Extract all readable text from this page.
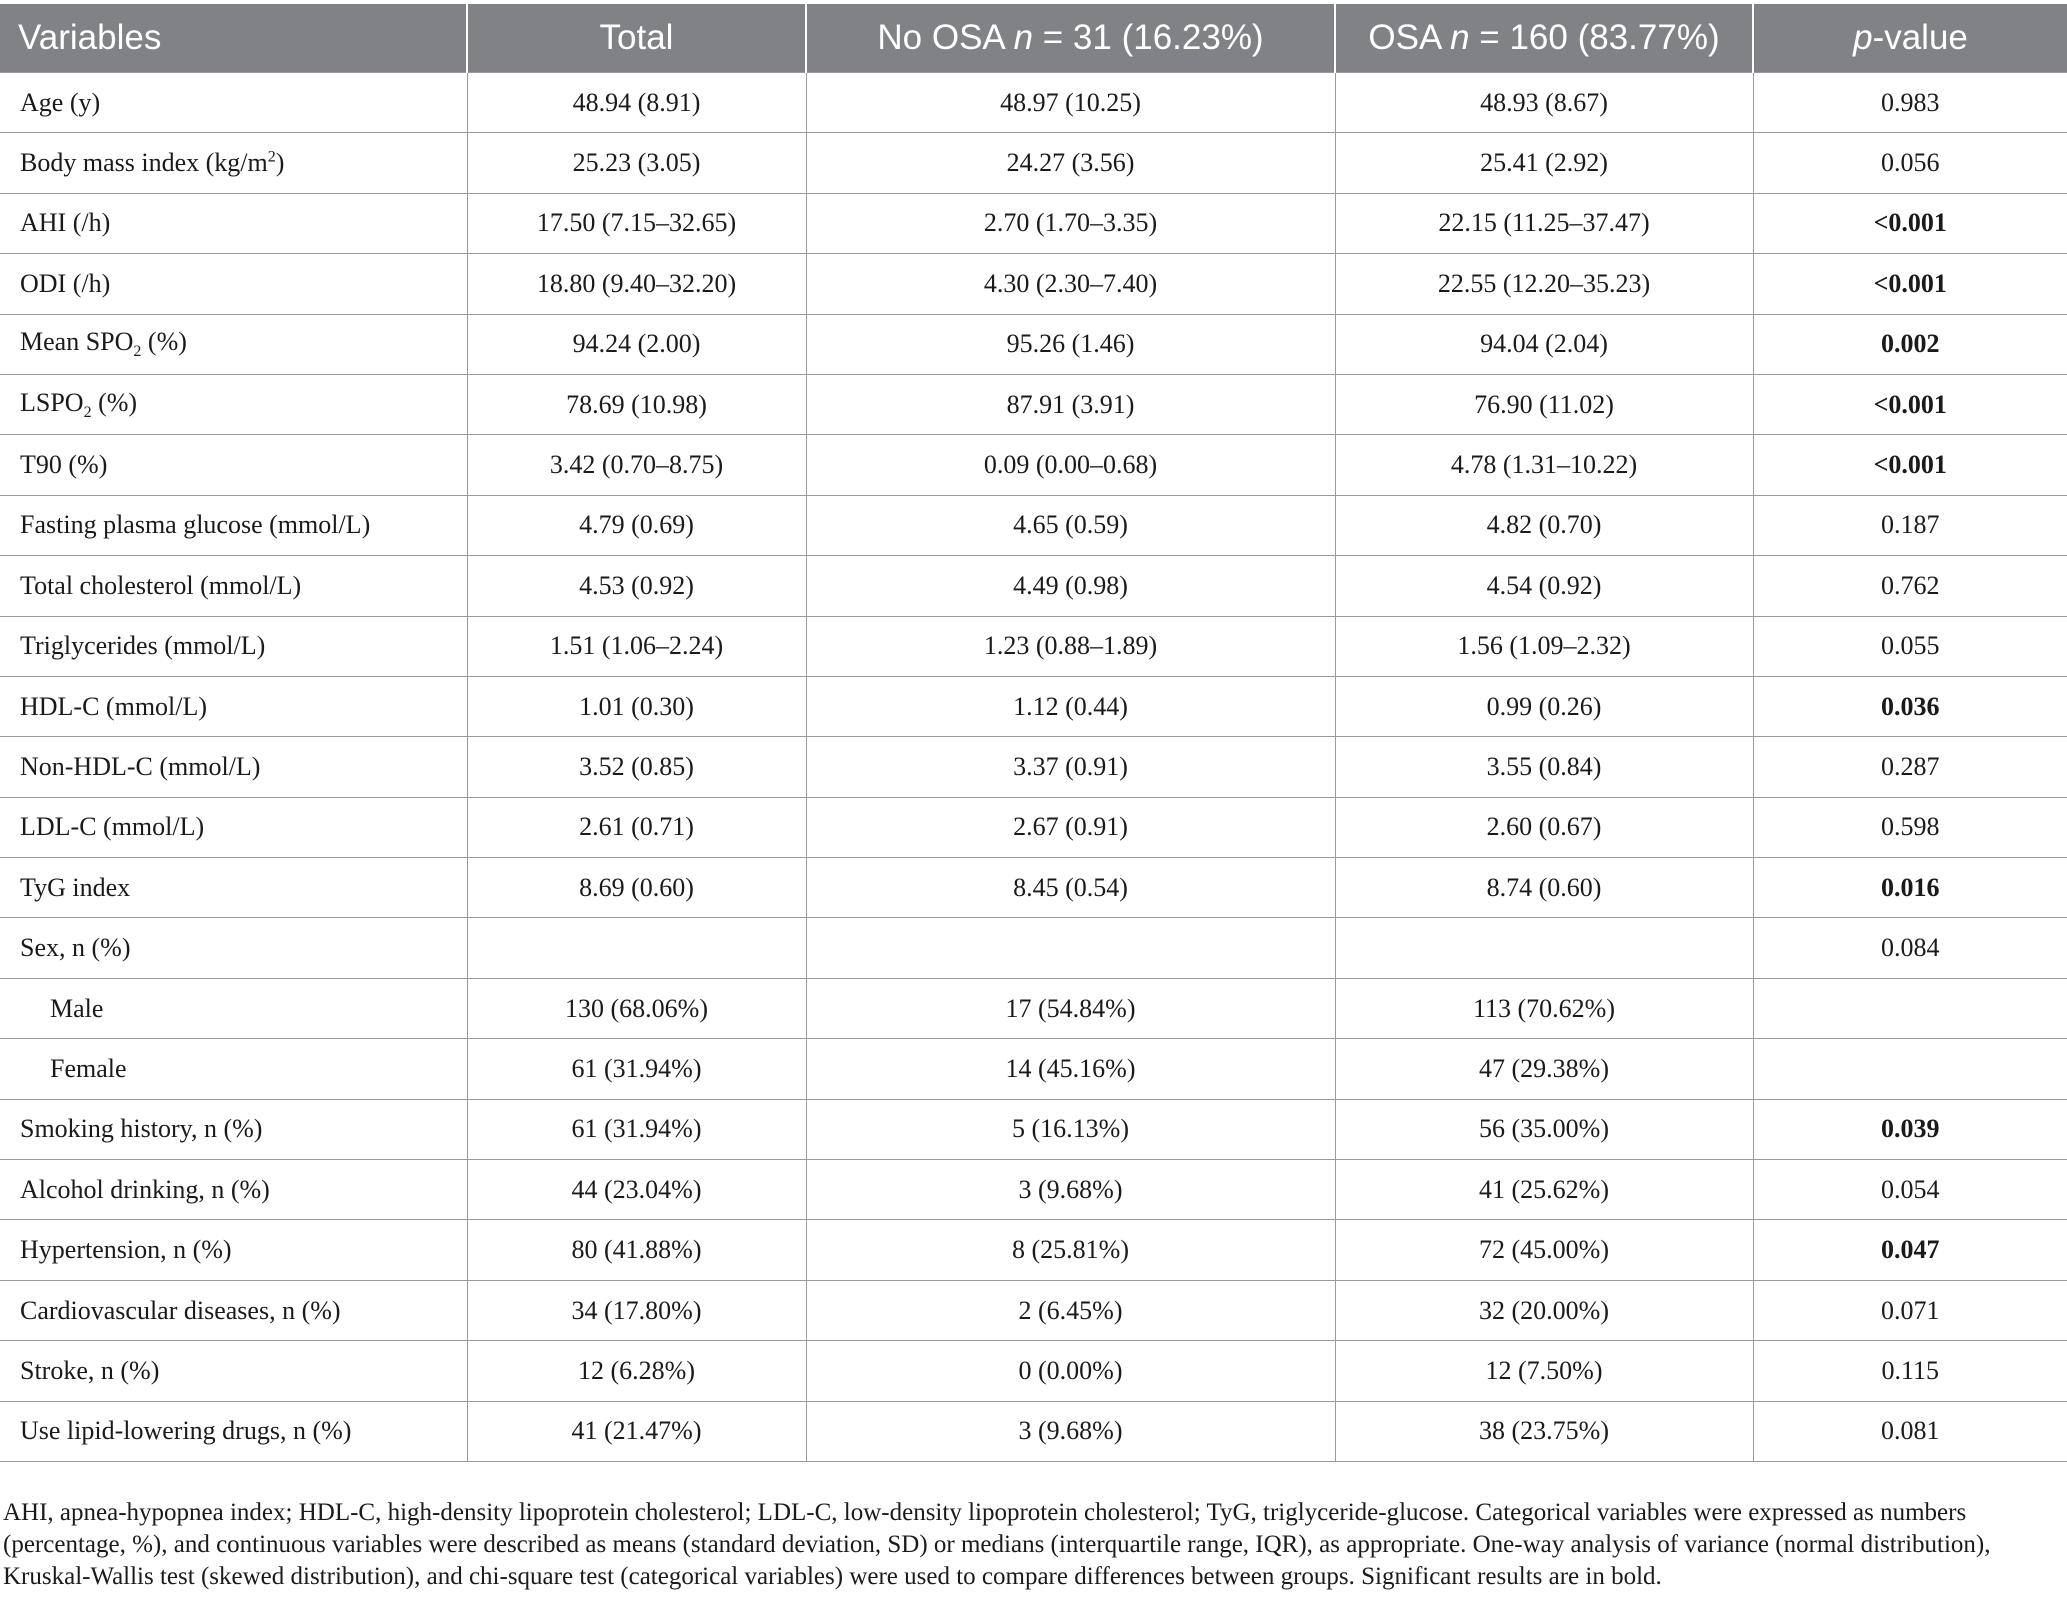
Variables	Total	No OSA n = 31 (16.23%)	OSA n = 160 (83.77%)	p-value
Age (y)	48.94 (8.91)	48.97 (10.25)	48.93 (8.67)	0.983
Body mass index $(kg/m^2)$	25.23 (3.05)	24.27 (3.56)	25.41 (2.92)	0.056
AHI (/h)	17.50 (7.15–32.65)	2.70 (1.70–3.35)	22.15 (11.25–37.47)	<0.001
ODI (/h)	18.80 (9.40–32.20)	4.30 (2.30–7.40)	22.55 (12.20–35.23)	<0.001
Mean $SPO_2$ (%)	94.24 (2.00)	95.26 (1.46)	94.04 (2.04)	0.002
$LSPO_2$ (%)	78.69 (10.98)	87.91 (3.91)	76.90 (11.02)	<0.001
T90 (%)	3.42 (0.70–8.75)	0.09 (0.00–0.68)	4.78 (1.31–10.22)	<0.001
Fasting plasma glucose (mmol/L)	4.79 (0.69)	4.65 (0.59)	4.82 (0.70)	0.187
Total cholesterol (mmol/L)	4.53 (0.92)	4.49 (0.98)	4.54 (0.92)	0.762
Triglycerides (mmol/L)	1.51 (1.06–2.24)	1.23 (0.88–1.89)	1.56 (1.09–2.32)	0.055
HDL-C (mmol/L)	1.01 (0.30)	1.12 (0.44)	0.99 (0.26)	0.036
Non-HDL-C (mmol/L)	3.52 (0.85)	3.37 (0.91)	3.55 (0.84)	0.287
LDL-C (mmol/L)	2.61 (0.71)	2.67 (0.91)	2.60 (0.67)	0.598
TyG index	8.69 (0.60)	8.45 (0.54)	8.74 (0.60)	0.016
Sex, n (%)				0.084
Male	130 (68.06%)	17 (54.84%)	113 (70.62%)	
Female	61 (31.94%)	14 (45.16%)	47 (29.38%)	
Smoking history, n (%)	61 (31.94%)	5 (16.13%)	56 (35.00%)	0.039
Alcohol drinking, n (%)	44 (23.04%)	3 (9.68%)	41 (25.62%)	0.054
Hypertension, n (%)	80 (41.88%)	8 (25.81%)	72 (45.00%)	0.047
Cardiovascular diseases, n (%)	34 (17.80%)	2 (6.45%)	32 (20.00%)	0.071
Stroke, n (%)	12 (6.28%)	0 (0.00%)	12 (7.50%)	0.115
Use lipid-lowering drugs, n (%)	41 (21.47%)	3 (9.68%)	38 (23.75%)	0.081
AHI, apnea-hypopnea index; HDL-C, high-density lipoprotein cholesterol; LDL-C, low-density lipoprotein cholesterol; TyG, triglyceride-glucose. Categorical variables were expressed as numbers (percentage, %), and continuous variables were described as means (standard deviation, SD) or medians (interquartile range, IQR), as appropriate. One-way analysis of variance (normal distribution), Kruskal-Wallis test (skewed distribution), and chi-square test (categorical variables) were used to compare differences between groups. Significant results are in bold.
